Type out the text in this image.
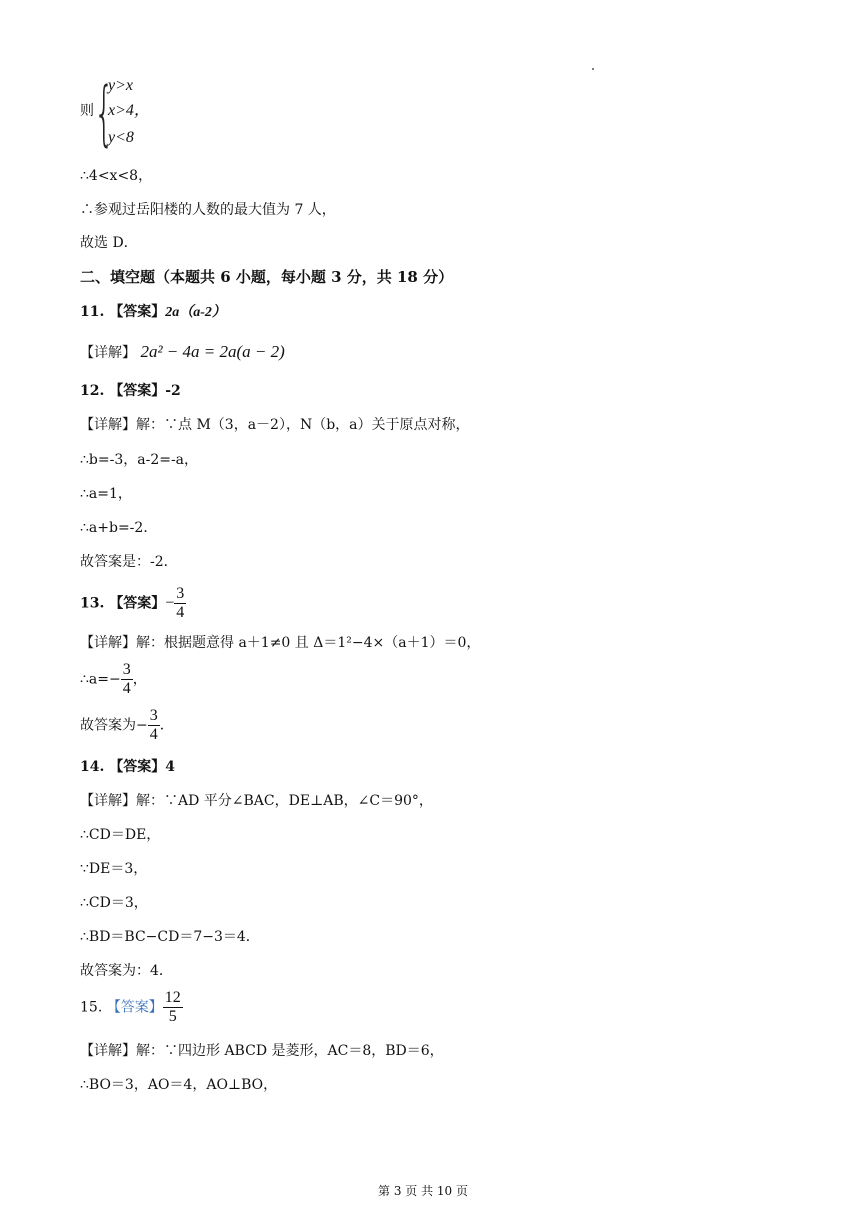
则 {
y>x
x>4，
y<8
∴4<x<8，
∴参观过岳阳楼的人数的最大值为 7 人，
故选 D．
二、填空题（本题共 6 小题，每小题 3 分，共 18 分）
11. 【答案】2a（a-2）
【详解】 2a² − 4a = 2a(a − 2)
12. 【答案】-2
【详解】解：∵点 M（3，a－2），N（b，a）关于原点对称，
∴b=-3，a-2=-a，
∴a=1，
∴a+b=-2．
故答案是：-2．
13. 【答案】− $\frac{3}{4}$
【详解】解：根据题意得 a＋1≠0 且 Δ＝1²−4×（a＋1）＝0，
∴a=− $\frac{3}{4}$ ，
故答案为− $\frac{3}{4}$ ．
14. 【答案】4
【详解】解：∵AD 平分∠BAC，DE⊥AB，∠C＝90°，
∴CD＝DE，
∵DE＝3，
∴CD＝3，
∴BD＝BC−CD＝7−3＝4．
故答案为：4．
15. 【答案】 $\frac{12}{5}$
【详解】解：∵四边形 ABCD 是菱形，AC＝8，BD＝6，
∴BO＝3，AO＝4，AO⊥BO，
第 3 页 共 10 页
